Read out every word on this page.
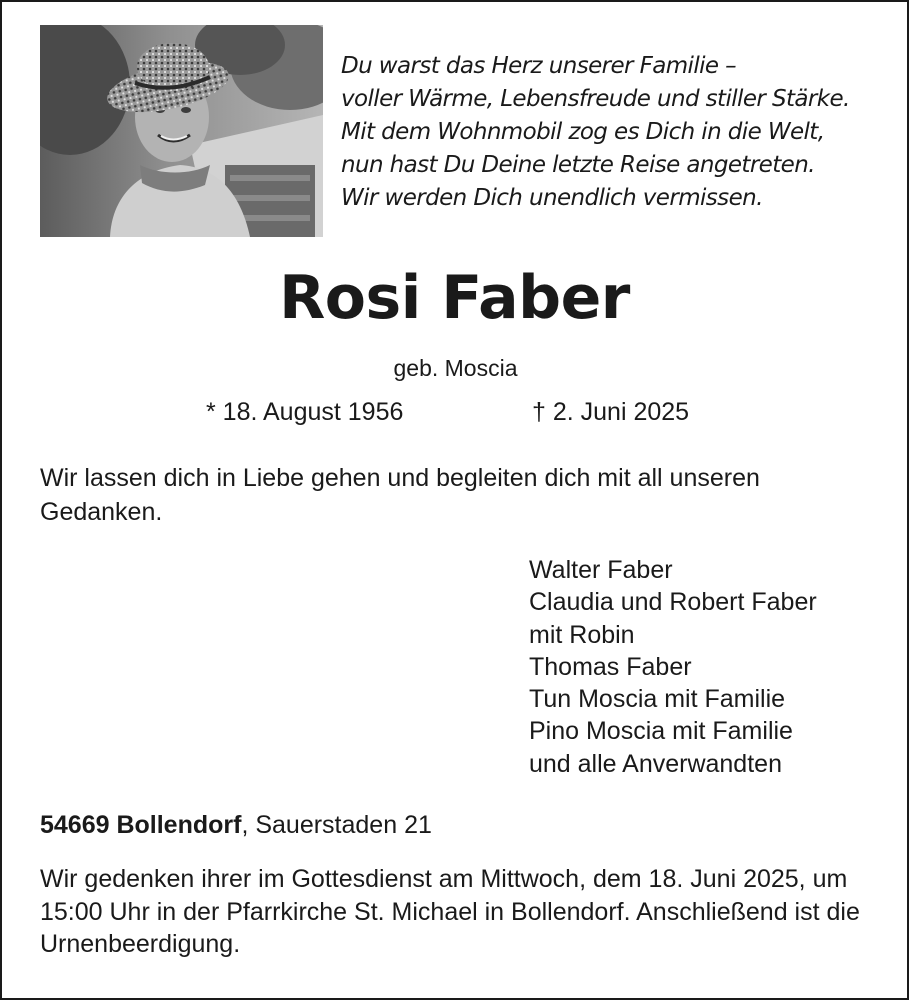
Du warst das Herz unserer Familie –
voller Wärme, Lebensfreude und stiller Stärke.
Mit dem Wohnmobil zog es Dich in die Welt,
nun hast Du Deine letzte Reise angetreten.
Wir werden Dich unendlich vermissen.
Rosi Faber
geb. Moscia
* 18. August 1956	† 2. Juni 2025
Wir lassen dich in Liebe gehen und begleiten dich mit all unseren Gedanken.
Walter Faber
Claudia und Robert Faber
mit Robin
Thomas Faber
Tun Moscia mit Familie
Pino Moscia mit Familie
und alle Anverwandten
54669 Bollendorf, Sauerstaden 21
Wir gedenken ihrer im Gottesdienst am Mittwoch, dem 18. Juni 2025, um 15:00 Uhr in der Pfarrkirche St. Michael in Bollendorf. Anschließend ist die Urnenbeerdigung.
